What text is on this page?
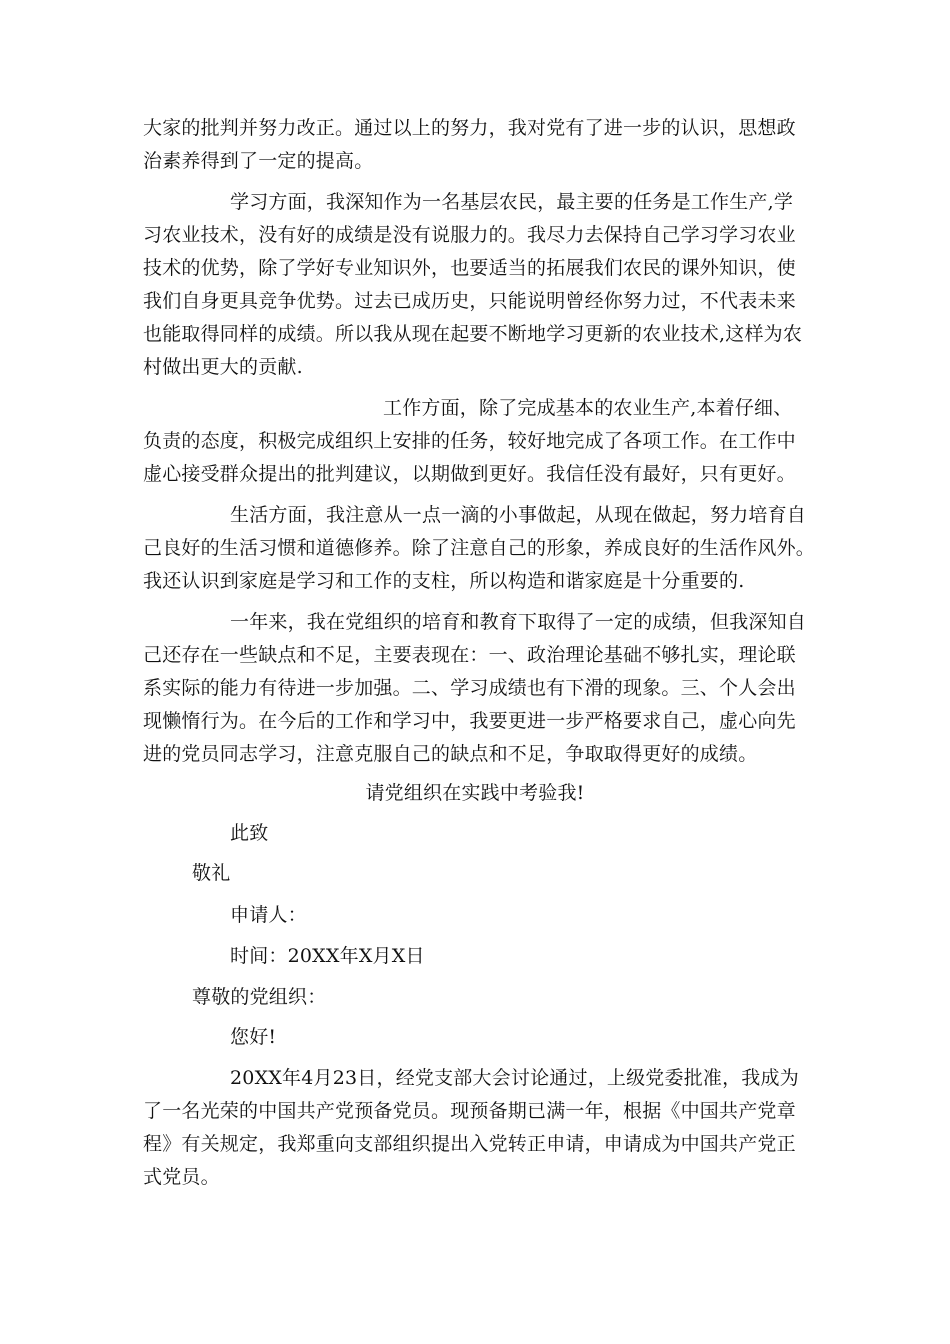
大家的批判并努力改正。通过以上的努力，我对党有了进一步的认识，思想政

治素养得到了一定的提高。

学习方面，我深知作为一名基层农民，最主要的任务是工作生产,学

习农业技术，没有好的成绩是没有说服力的。我尽力去保持自己学习学习农业

技术的优势，除了学好专业知识外，也要适当的拓展我们农民的课外知识，使

我们自身更具竞争优势。过去已成历史，只能说明曾经你努力过，不代表未来

也能取得同样的成绩。所以我从现在起要不断地学习更新的农业技术,这样为农

村做出更大的贡献.

工作方面，除了完成基本的农业生产,本着仔细、

负责的态度，积极完成组织上安排的任务，较好地完成了各项工作。在工作中

虚心接受群众提出的批判建议，以期做到更好。我信任没有最好，只有更好。

生活方面，我注意从一点一滴的小事做起，从现在做起，努力培育自

己良好的生活习惯和道德修养。除了注意自己的形象，养成良好的生活作风外。

我还认识到家庭是学习和工作的支柱，所以构造和谐家庭是十分重要的.

一年来，我在党组织的培育和教育下取得了一定的成绩，但我深知自

己还存在一些缺点和不足，主要表现在：一、政治理论基础不够扎实，理论联

系实际的能力有待进一步加强。二、学习成绩也有下滑的现象。三、个人会出

现懒惰行为。在今后的工作和学习中，我要更进一步严格要求自己，虚心向先

进的党员同志学习，注意克服自己的缺点和不足，争取取得更好的成绩。

请党组织在实践中考验我!

此致

敬礼

申请人：

时间：20XX年X月X日

尊敬的党组织：

您好!

20XX年4月23日，经党支部大会讨论通过，上级党委批准，我成为

了一名光荣的中国共产党预备党员。现预备期已满一年，根据《中国共产党章

程》有关规定，我郑重向支部组织提出入党转正申请，申请成为中国共产党正

式党员。
